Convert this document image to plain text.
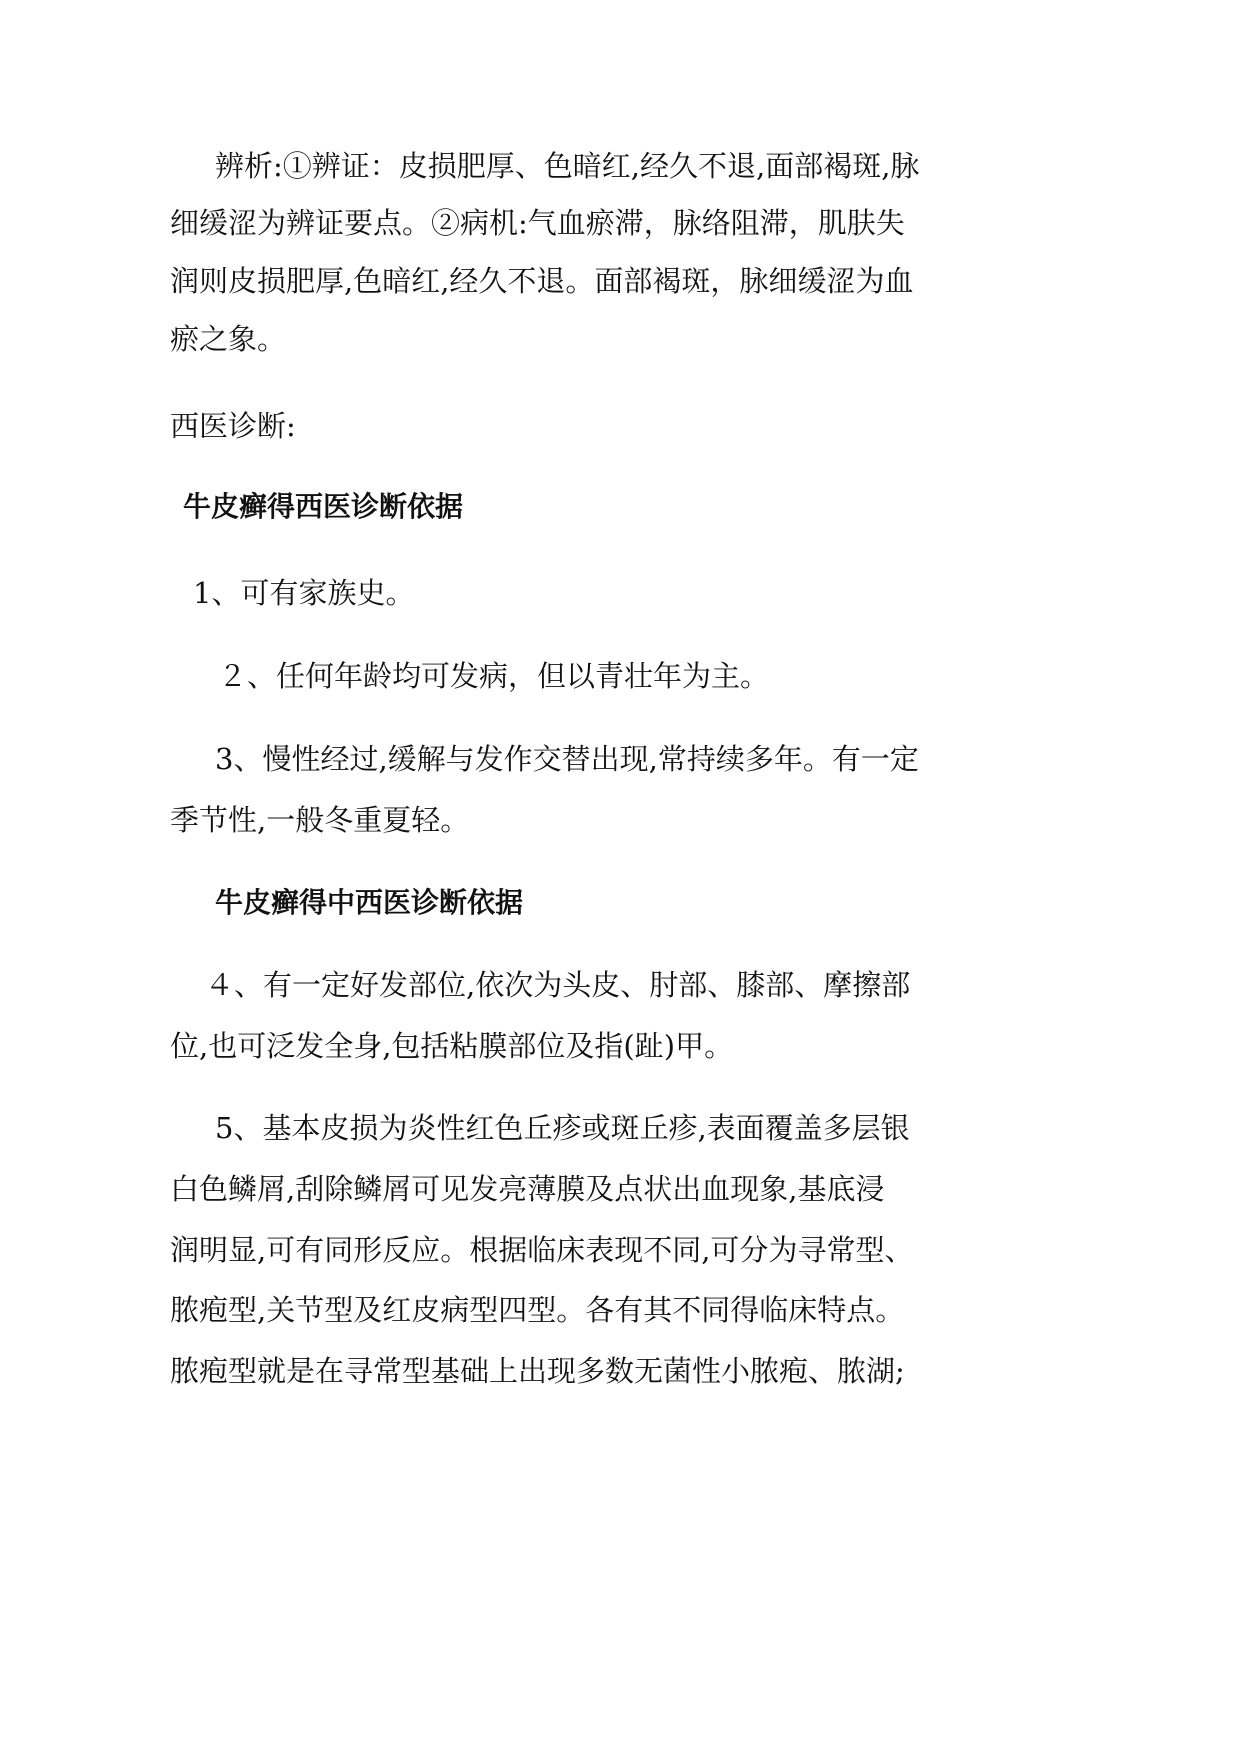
辨析:①辨证：皮损肥厚、色暗红,经久不退,面部褐斑,脉
细缓涩为辨证要点。②病机:气血瘀滞，脉络阻滞，肌肤失
润则皮损肥厚,色暗红,经久不退。面部褐斑，脉细缓涩为血
瘀之象。
西医诊断:
牛皮癣得西医诊断依据
1、可有家族史。
２、任何年龄均可发病，但以青壮年为主。
3、慢性经过,缓解与发作交替出现,常持续多年。有一定
季节性,一般冬重夏轻。
牛皮癣得中西医诊断依据
４、有一定好发部位,依次为头皮、肘部、膝部、摩擦部
位,也可泛发全身,包括粘膜部位及指(趾)甲。
5、基本皮损为炎性红色丘疹或斑丘疹,表面覆盖多层银
白色鳞屑,刮除鳞屑可见发亮薄膜及点状出血现象,基底浸
润明显,可有同形反应。根据临床表现不同,可分为寻常型、
脓疱型,关节型及红皮病型四型。各有其不同得临床特点。
脓疱型就是在寻常型基础上出现多数无菌性小脓疱、脓湖;
